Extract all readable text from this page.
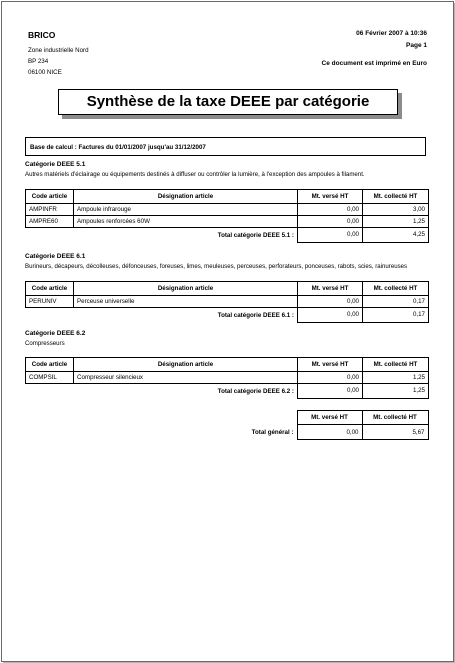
BRICO
Zone industrielle Nord
BP 234
06100 NICE
06 Février 2007 à 10:36
Page 1
Ce document est imprimé en Euro
Synthèse de la taxe DEEE par catégorie
Base de calcul : Factures du 01/01/2007 jusqu'au 31/12/2007
Catégorie DEEE 5.1
Autres matériels d'éclairage ou équipements destinés à diffuser ou contrôler la lumière, à l'exception des ampoules à filament.
Code article	Désignation article	Mt. versé HT	Mt. collecté HT
AMPINFR	Ampoule infrarouge	0,00	3,00
AMPRE60	Ampoules renforcées 60W	0,00	1,25
Total catégorie DEEE 5.1 :		0,00	4,25
Catégorie DEEE 6.1
Burineurs, décapeurs, décolleuses, défonceuses, foreuses, limes, meuleuses, perceuses, perforateurs, ponceuses, rabots, scies, rainureuses
Code article	Désignation article	Mt. versé HT	Mt. collecté HT
PERUNIV	Perceuse universelle	0,00	0,17
Total catégorie DEEE 6.1 :		0,00	0,17
Catégorie DEEE 6.2
Compresseurs
Code article	Désignation article	Mt. versé HT	Mt. collecté HT
COMPSIL	Compresseur silencieux	0,00	1,25
Total catégorie DEEE 6.2 :		0,00	1,25
	Mt. versé HT	Mt. collecté HT
Total général :	0,00	5,67
